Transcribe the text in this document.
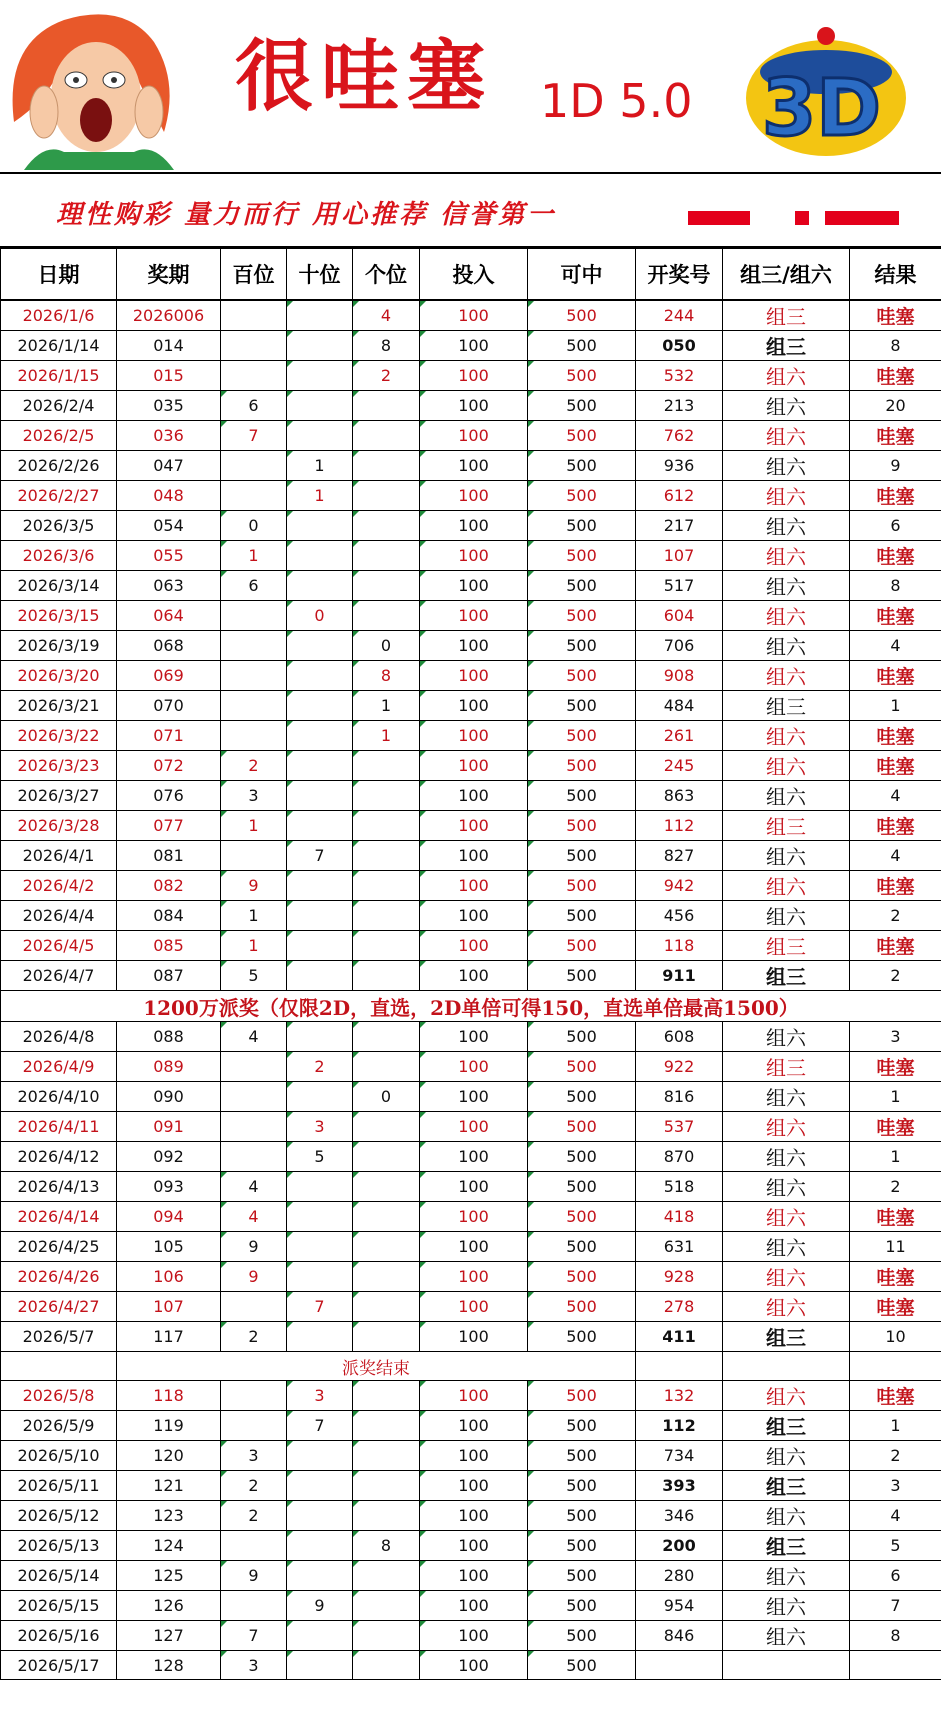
很哇塞 1D 5.0 3D
理性购彩 量力而行 用心推荐 信誉第一
日期	奖期	百位	十位	个位	投入	可中	开奖号	组三/组六	结果
2026/1/6	2026006			4	100	500	244	组三	哇塞
2026/1/14	014			8	100	500	050	组三	8
2026/1/15	015			2	100	500	532	组六	哇塞
2026/2/4	035	6			100	500	213	组六	20
2026/2/5	036	7			100	500	762	组六	哇塞
2026/2/26	047		1		100	500	936	组六	9
2026/2/27	048		1		100	500	612	组六	哇塞
2026/3/5	054	0			100	500	217	组六	6
2026/3/6	055	1			100	500	107	组六	哇塞
2026/3/14	063	6			100	500	517	组六	8
2026/3/15	064		0		100	500	604	组六	哇塞
2026/3/19	068			0	100	500	706	组六	4
2026/3/20	069			8	100	500	908	组六	哇塞
2026/3/21	070			1	100	500	484	组三	1
2026/3/22	071			1	100	500	261	组六	哇塞
2026/3/23	072	2			100	500	245	组六	哇塞
2026/3/27	076	3			100	500	863	组六	4
2026/3/28	077	1			100	500	112	组三	哇塞
2026/4/1	081		7		100	500	827	组六	4
2026/4/2	082	9			100	500	942	组六	哇塞
2026/4/4	084	1			100	500	456	组六	2
2026/4/5	085	1			100	500	118	组三	哇塞
2026/4/7	087	5			100	500	911	组三	2
1200万派奖（仅限2D，直选，2D单倍可得150，直选单倍最高1500）									
2026/4/8	088	4			100	500	608	组六	3
2026/4/9	089		2		100	500	922	组三	哇塞
2026/4/10	090			0	100	500	816	组六	1
2026/4/11	091		3		100	500	537	组六	哇塞
2026/4/12	092		5		100	500	870	组六	1
2026/4/13	093	4			100	500	518	组六	2
2026/4/14	094	4			100	500	418	组六	哇塞
2026/4/25	105	9			100	500	631	组六	11
2026/4/26	106	9			100	500	928	组六	哇塞
2026/4/27	107		7		100	500	278	组六	哇塞
2026/5/7	117	2			100	500	411	组三	10
	派奖结束								
2026/5/8	118		3		100	500	132	组六	哇塞
2026/5/9	119		7		100	500	112	组三	1
2026/5/10	120	3			100	500	734	组六	2
2026/5/11	121	2			100	500	393	组三	3
2026/5/12	123	2			100	500	346	组六	4
2026/5/13	124			8	100	500	200	组三	5
2026/5/14	125	9			100	500	280	组六	6
2026/5/15	126		9		100	500	954	组六	7
2026/5/16	127	7			100	500	846	组六	8
2026/5/17	128	3			100	500			
